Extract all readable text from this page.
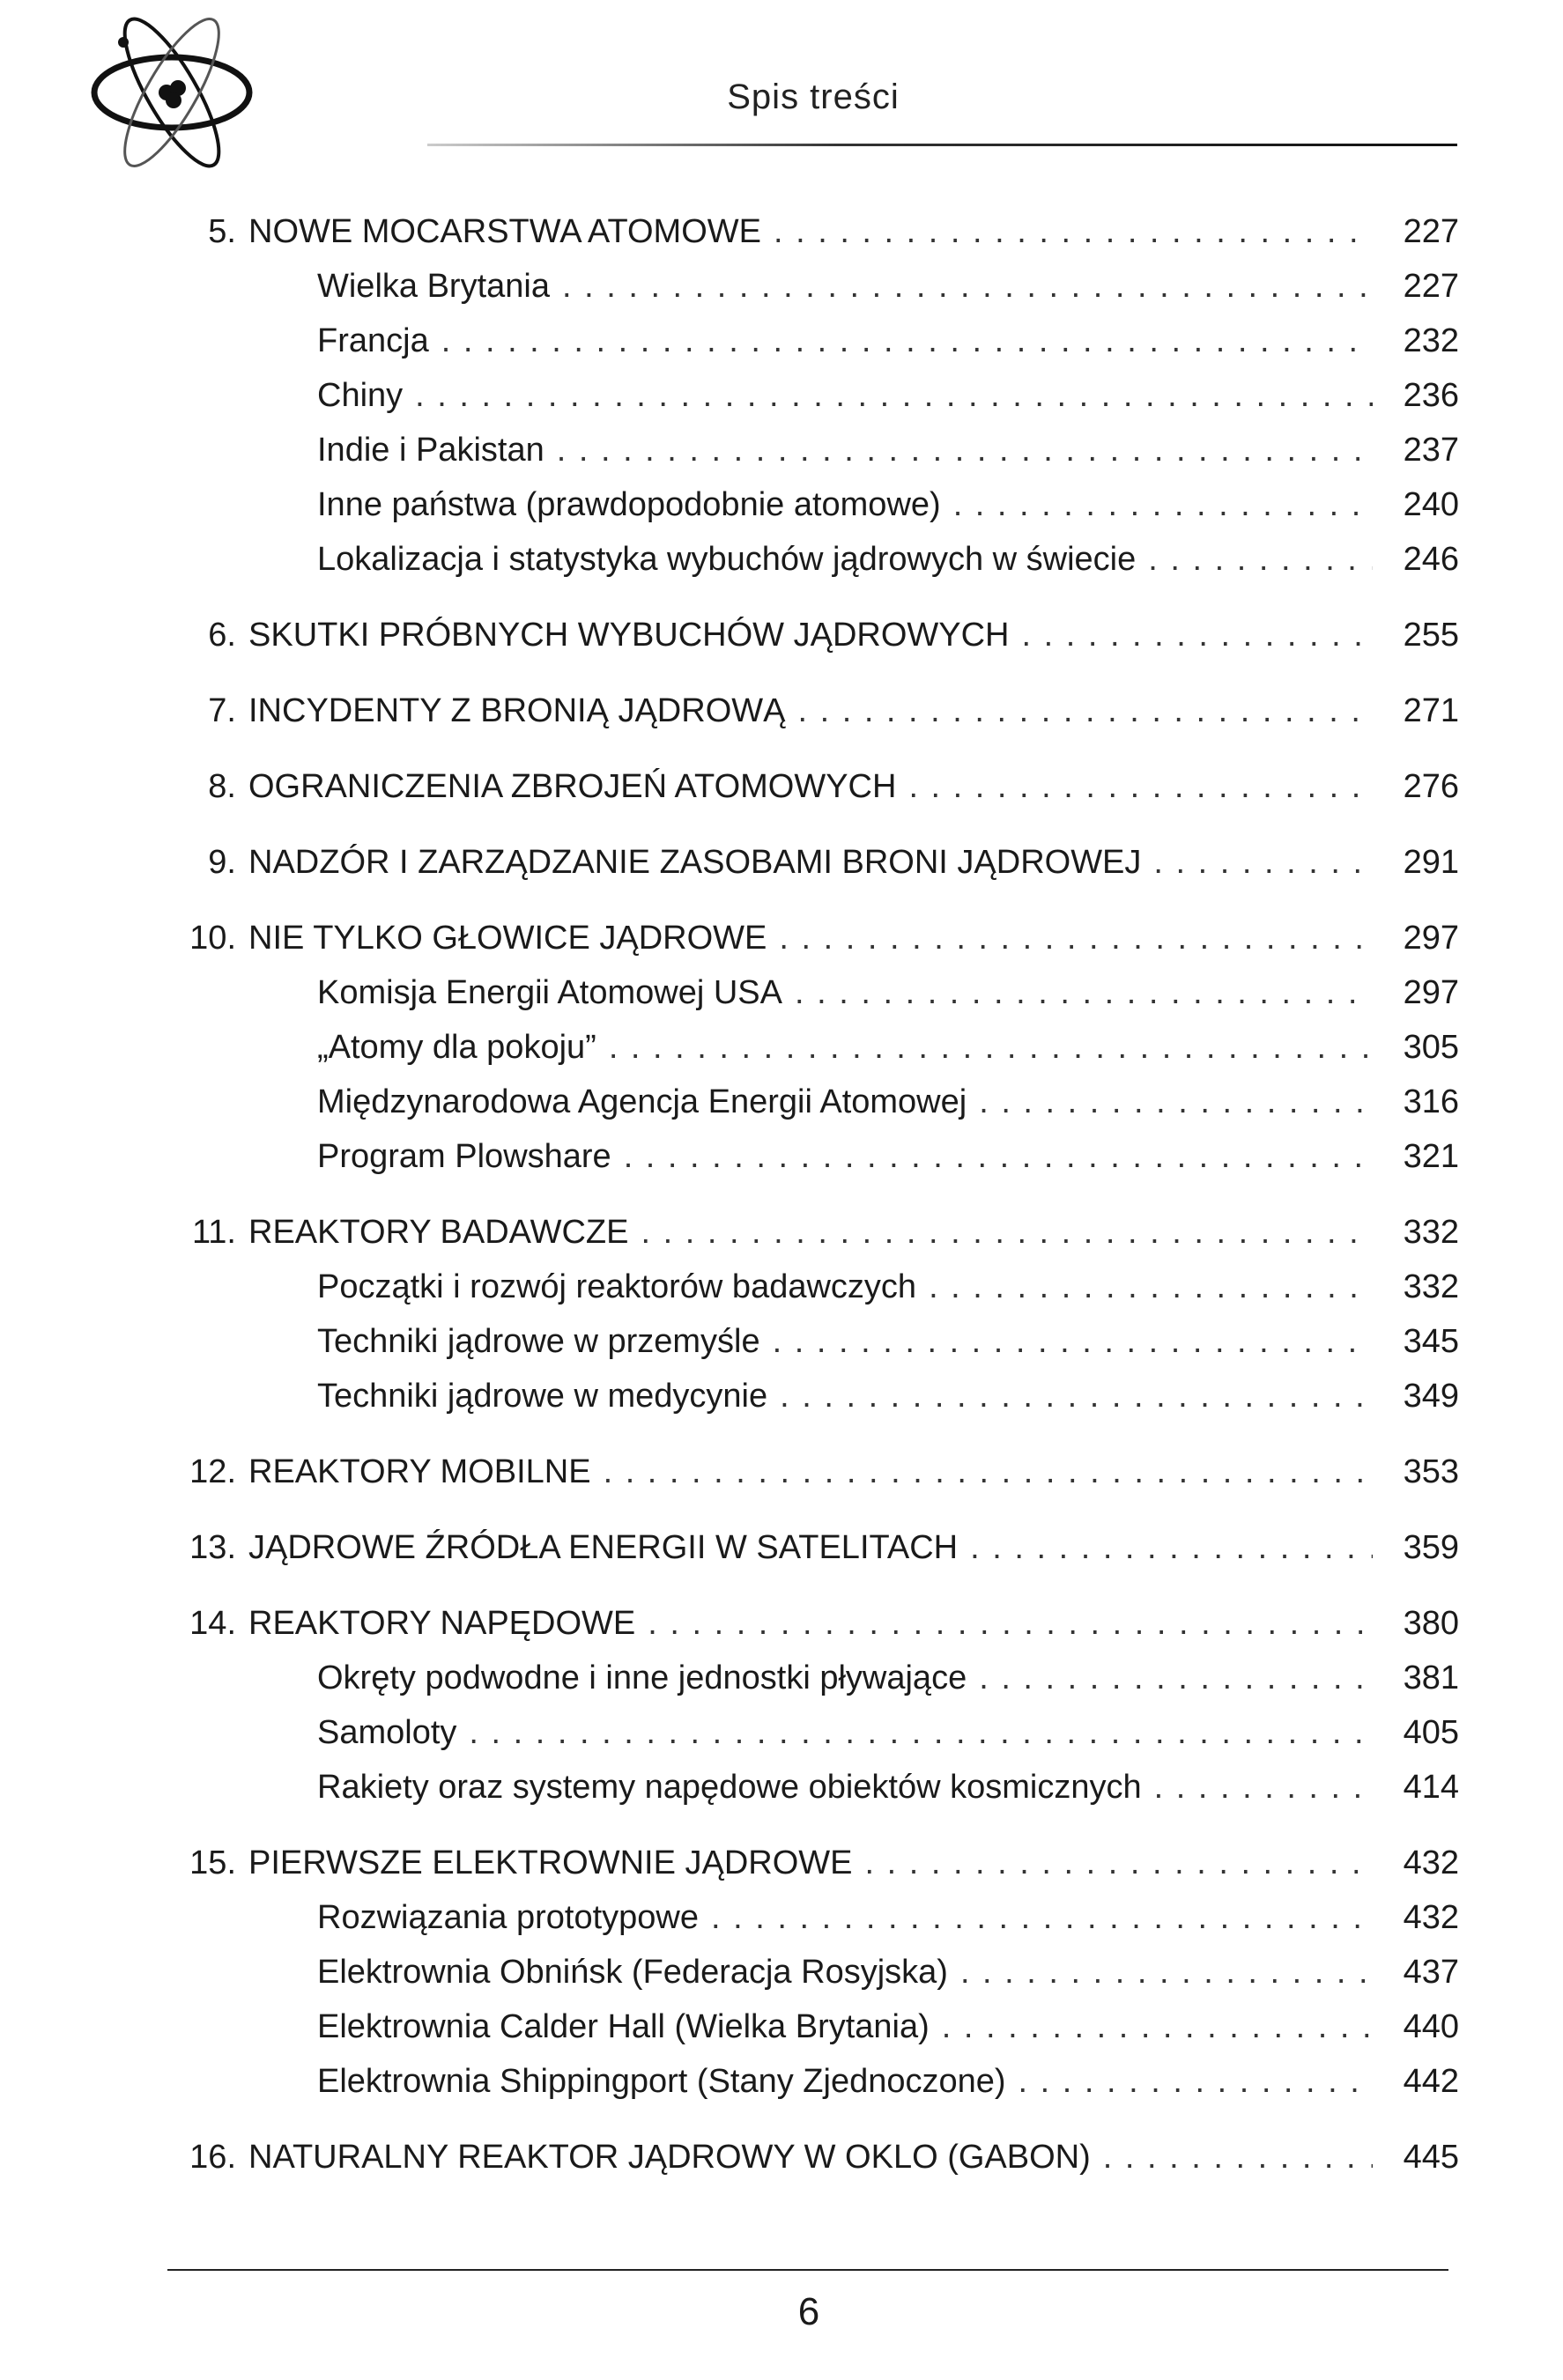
Spis treści
5. NOWE MOCARSTWA ATOMOWE . . .	227
Wielka Brytania . . .	227
Francja . . .	232
Chiny . . .	236
Indie i Pakistan . . .	237
Inne państwa (prawdopodobnie atomowe) . . .	240
Lokalizacja i statystyka wybuchów jądrowych w świecie . . .	246
6. SKUTKI PRÓBNYCH WYBUCHÓW JĄDROWYCH . . .	255
7. INCYDENTY Z BRONIĄ JĄDROWĄ . . .	271
8. OGRANICZENIA ZBROJEŃ ATOMOWYCH . . .	276
9. NADZÓR I ZARZĄDZANIE ZASOBAMI BRONI JĄDROWEJ . . .	291
10. NIE TYLKO GŁOWICE JĄDROWE . . .	297
Komisja Energii Atomowej USA . . .	297
„Atomy dla pokoju” . . .	305
Międzynarodowa Agencja Energii Atomowej . . .	316
Program Plowshare . . .	321
11. REAKTORY BADAWCZE . . .	332
Początki i rozwój reaktorów badawczych . . .	332
Techniki jądrowe w przemyśle . . .	345
Techniki jądrowe w medycynie . . .	349
12. REAKTORY MOBILNE . . .	353
13. JĄDROWE ŹRÓDŁA ENERGII W SATELITACH . . .	359
14. REAKTORY NAPĘDOWE . . .	380
Okręty podwodne i inne jednostki pływające . . .	381
Samoloty . . .	405
Rakiety oraz systemy napędowe obiektów kosmicznych . . .	414
15. PIERWSZE ELEKTROWNIE JĄDROWE . . .	432
Rozwiązania prototypowe . . .	432
Elektrownia Obnińsk (Federacja Rosyjska) . . .	437
Elektrownia Calder Hall (Wielka Brytania) . . .	440
Elektrownia Shippingport (Stany Zjednoczone) . . .	442
16. NATURALNY REAKTOR JĄDROWY W OKLO (GABON) . . .	445
6
